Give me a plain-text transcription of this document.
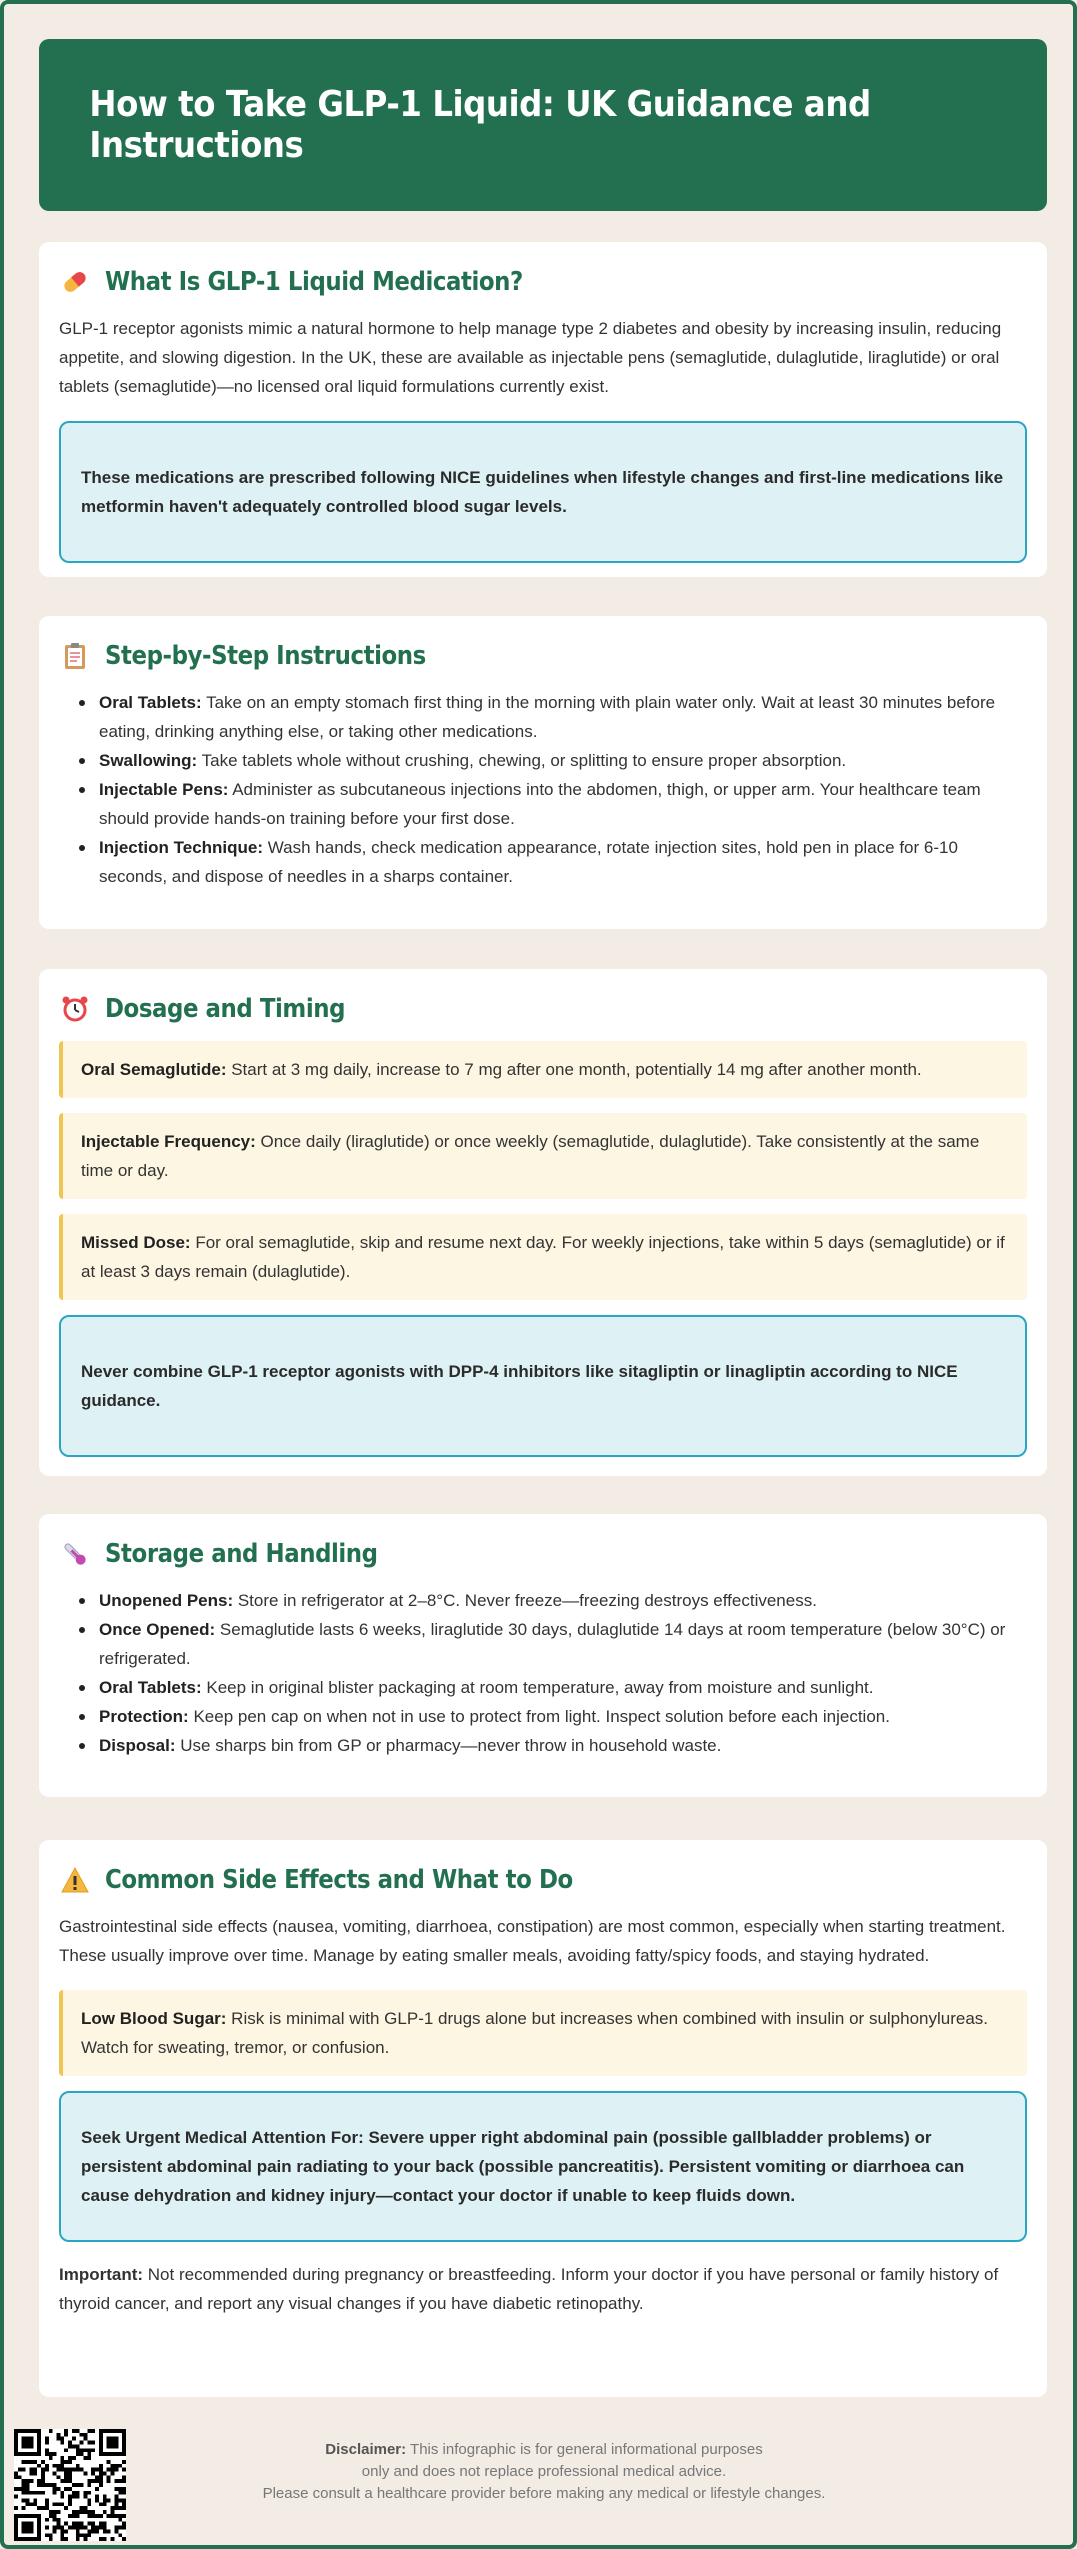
How to Take GLP-1 Liquid: UK Guidance and Instructions
What Is GLP-1 Liquid Medication?

GLP-1 receptor agonists mimic a natural hormone to help manage type 2 diabetes and obesity by increasing insulin, reducing appetite, and slowing digestion. In the UK, these are available as injectable pens (semaglutide, dulaglutide, liraglutide) or oral tablets (semaglutide)—no licensed oral liquid formulations currently exist.

These medications are prescribed following NICE guidelines when lifestyle changes and first-line medications like metformin haven't adequately controlled blood sugar levels.
Step-by-Step Instructions
Oral Tablets: Take on an empty stomach first thing in the morning with plain water only. Wait at least 30 minutes before eating, drinking anything else, or taking other medications.
Swallowing: Take tablets whole without crushing, chewing, or splitting to ensure proper absorption.
Injectable Pens: Administer as subcutaneous injections into the abdomen, thigh, or upper arm. Your healthcare team should provide hands-on training before your first dose.
Injection Technique: Wash hands, check medication appearance, rotate injection sites, hold pen in place for 6-10 seconds, and dispose of needles in a sharps container.
Dosage and Timing
Oral Semaglutide: Start at 3 mg daily, increase to 7 mg after one month, potentially 14 mg after another month.
Injectable Frequency: Once daily (liraglutide) or once weekly (semaglutide, dulaglutide). Take consistently at the same time or day.
Missed Dose: For oral semaglutide, skip and resume next day. For weekly injections, take within 5 days (semaglutide) or if at least 3 days remain (dulaglutide).
Never combine GLP-1 receptor agonists with DPP-4 inhibitors like sitagliptin or linagliptin according to NICE guidance.
Storage and Handling
Unopened Pens: Store in refrigerator at 2–8°C. Never freeze—freezing destroys effectiveness.
Once Opened: Semaglutide lasts 6 weeks, liraglutide 30 days, dulaglutide 14 days at room temperature (below 30°C) or refrigerated.
Oral Tablets: Keep in original blister packaging at room temperature, away from moisture and sunlight.
Protection: Keep pen cap on when not in use to protect from light. Inspect solution before each injection.
Disposal: Use sharps bin from GP or pharmacy—never throw in household waste.
Common Side Effects and What to Do

Gastrointestinal side effects (nausea, vomiting, diarrhoea, constipation) are most common, especially when starting treatment. These usually improve over time. Manage by eating smaller meals, avoiding fatty/spicy foods, and staying hydrated.

Low Blood Sugar: Risk is minimal with GLP-1 drugs alone but increases when combined with insulin or sulphonylureas. Watch for sweating, tremor, or confusion.
Seek Urgent Medical Attention For: Severe upper right abdominal pain (possible gallbladder problems) or persistent abdominal pain radiating to your back (possible pancreatitis). Persistent vomiting or diarrhoea can cause dehydration and kidney injury—contact your doctor if unable to keep fluids down.

Important: Not recommended during pregnancy or breastfeeding. Inform your doctor if you have personal or family history of thyroid cancer, and report any visual changes if you have diabetic retinopathy.

Disclaimer: This infographic is for general informational purposes
only and does not replace professional medical advice.
Please consult a healthcare provider before making any medical or lifestyle changes.
